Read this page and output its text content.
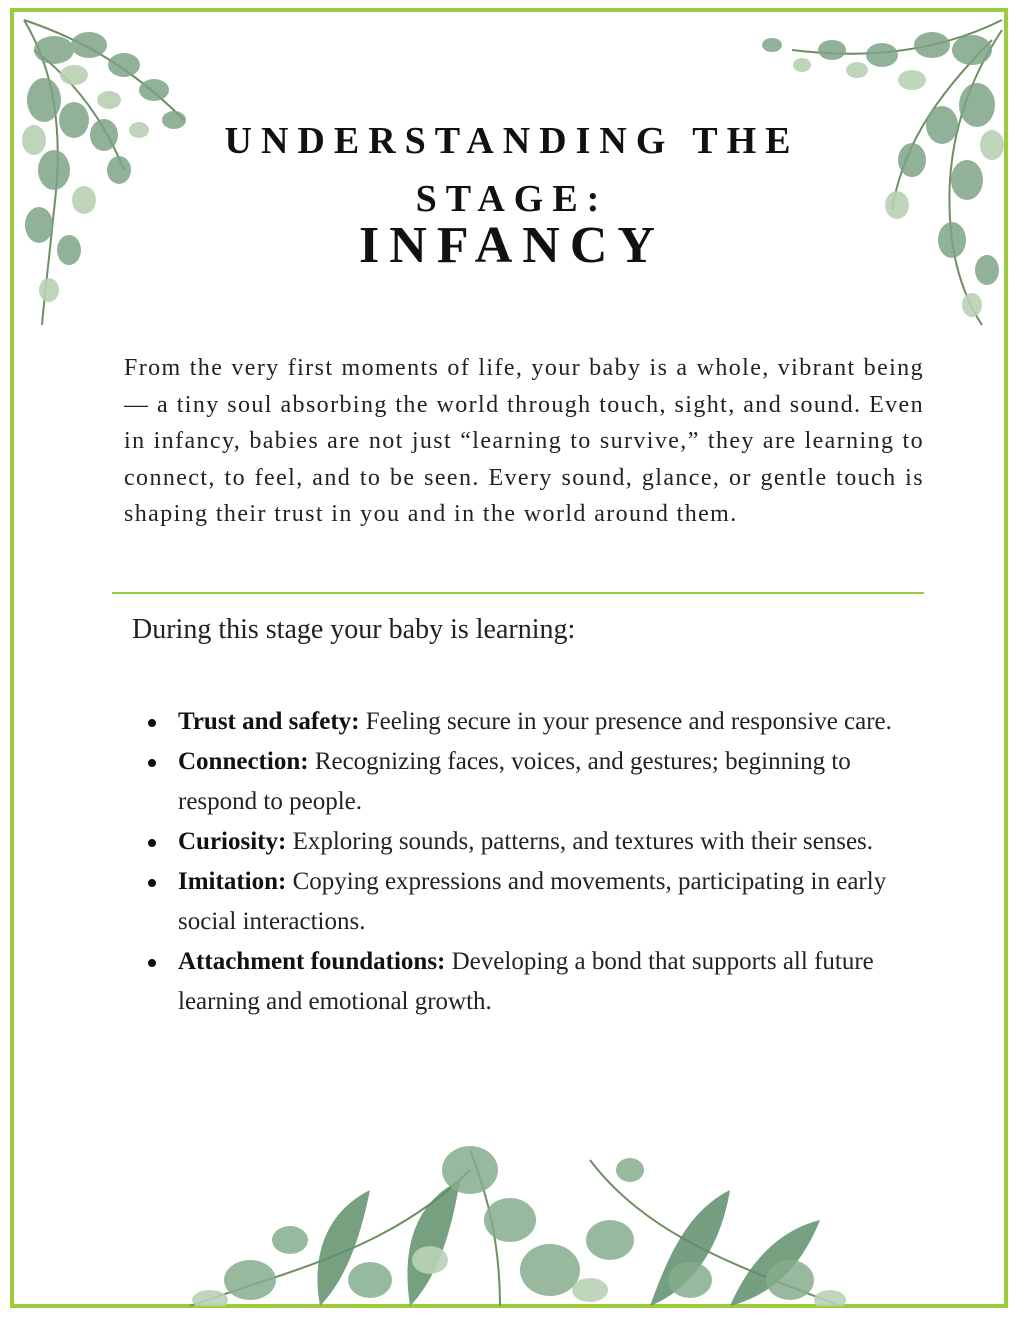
UNDERSTANDING THE
STAGE:
INFANCY

From the very first moments of life, your baby is a whole, vibrant being — a tiny soul absorbing the world through touch, sight, and sound. Even in infancy, babies are not just “learning to survive,” they are learning to connect, to feel, and to be seen. Every sound, glance, or gentle touch is shaping their trust in you and in the world around them.

During this stage your baby is learning:
Trust and safety: Feeling secure in your presence and responsive care.
Connection: Recognizing faces, voices, and gestures; beginning to respond to people.
Curiosity: Exploring sounds, patterns, and textures with their senses.
Imitation: Copying expressions and movements, participating in early social interactions.
Attachment foundations: Developing a bond that supports all future learning and emotional growth.
